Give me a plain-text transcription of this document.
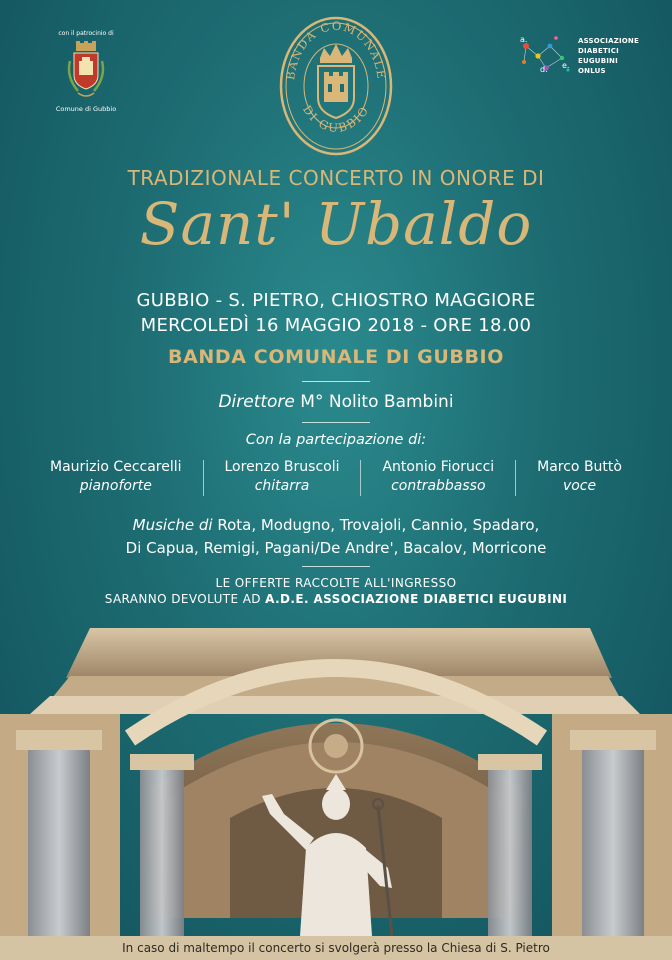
con il patrocinio di
Comune di Gubbio
a.
d. e.
ASSOCIAZIONE
DIABETICI
EUGUBINI
ONLUS
BANDA COMUNALE
DI GUBBIO
TRADIZIONALE CONCERTO IN ONORE DI
Sant' Ubaldo
GUBBIO - S. PIETRO, CHIOSTRO MAGGIORE
MERCOLEDÌ 16 MAGGIO 2018 - ORE 18.00
BANDA COMUNALE DI GUBBIO
Direttore M° Nolito Bambini
Con la partecipazione di:
Maurizio Ceccarelli
pianoforte
Lorenzo Bruscoli
chitarra
Antonio Fiorucci
contrabbasso
Marco Buttò
voce
Musiche di Rota, Modugno, Trovajoli, Cannio, Spadaro,
Di Capua, Remigi, Pagani/De Andre', Bacalov, Morricone
LE OFFERTE RACCOLTE ALL'INGRESSO
SARANNO DEVOLUTE AD A.D.E. ASSOCIAZIONE DIABETICI EUGUBINI
In caso di maltempo il concerto si svolgerà presso la Chiesa di S. Pietro
